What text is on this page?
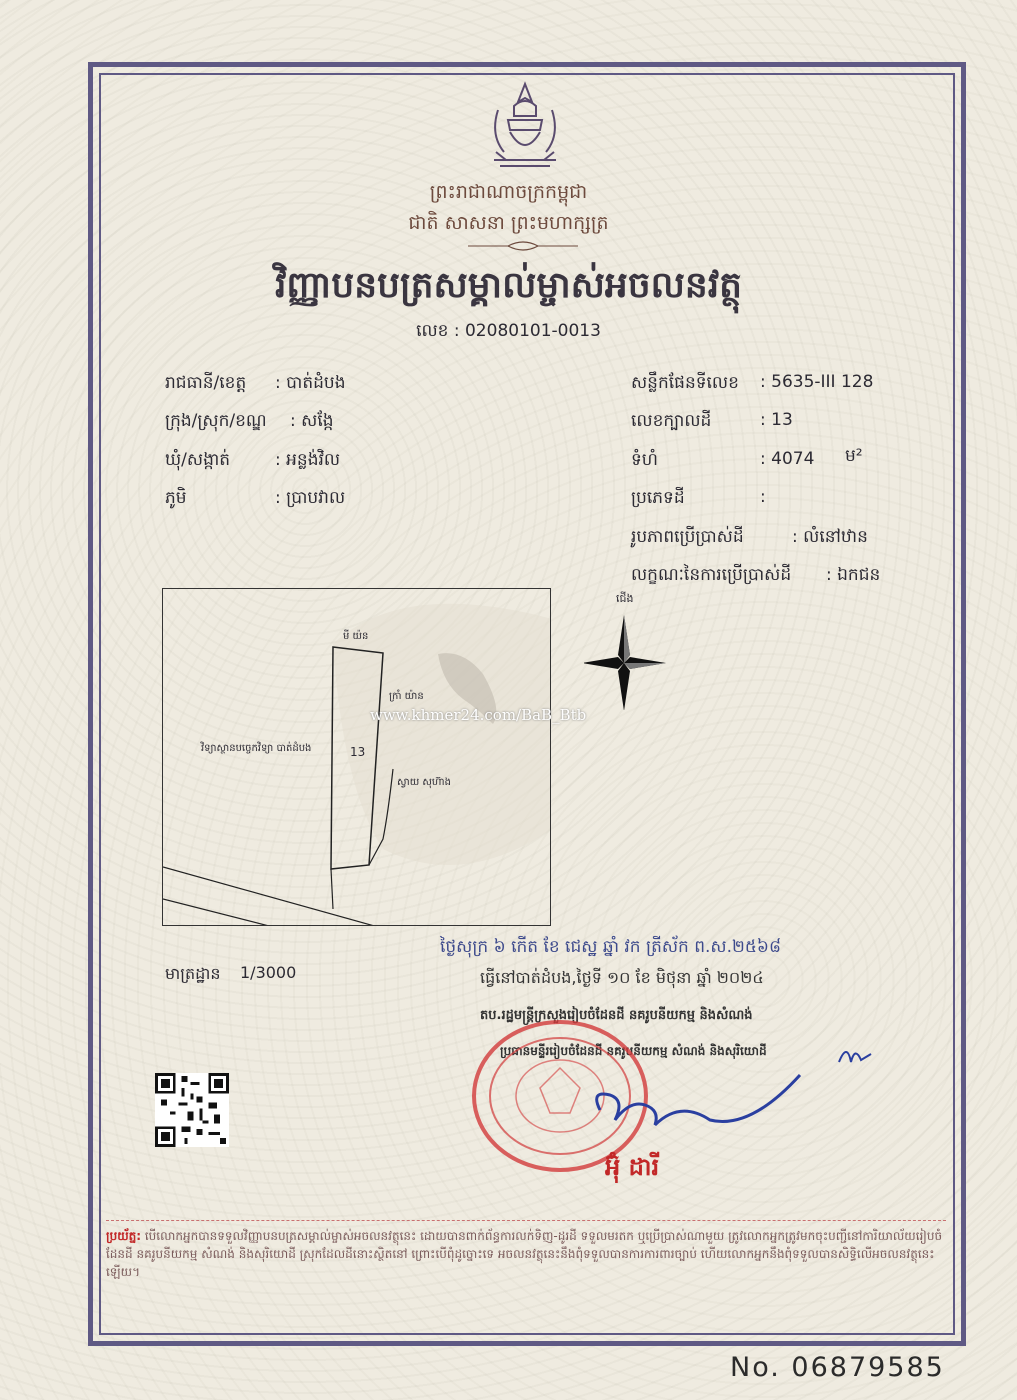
ព្រះរាជាណាចក្រកម្ពុជា
ជាតិ សាសនា ព្រះមហាក្សត្រ
វិញ្ញាបនបត្រសម្គាល់ម្ចាស់អចលនវត្ថុ
លេខ : 02080101-0013
រាជធានី/ខេត្ត : បាត់ដំបង
ក្រុង/ស្រុក/ខណ្ឌ : សង្កែ
ឃុំ/សង្កាត់	: អន្លង់វិល
ភូមិ	: ប្រាបវាល
សន្លឹកផែនទីលេខ : 5635-III 128
លេខក្បាលដី	: 13
ទំហំ	: 4074 ម²
ប្រភេទដី	:
រូបភាពប្រើប្រាស់ដី	: លំនៅឋាន
លក្ខណៈនៃការប្រើប្រាស់ដី : ឯកជន
មី យ៉ន
ក្រាំ យ៉ាន
វិទ្យាស្ថានបច្ចេកវិទ្យា បាត់ដំបង
ស្វាយ សុហ៊ាង
13
www.khmer24.com/BaB_Btb
ជើង
មាត្រដ្ឋាន 1/3000
ថ្ងៃសុក្រ ៦ កើត ខែ ជេស្ឋ ឆ្នាំ វក ត្រីស័ក ព.ស.២៥៦៨
ធ្វើនៅបាត់ដំបង,ថ្ងៃទី ១០ ខែ មិថុនា ឆ្នាំ ២០២៤
តប.រដ្ឋមន្ត្រីក្រសួងរៀបចំដែនដី នគរូបនីយកម្ម និងសំណង់
ប្រធានមន្ទីររៀបចំដែនដី នគរូបនីយកម្ម សំណង់ និងសុរិយោដី
អ៊ុំ ដារី
ប្រយ័ត្ន: បើលោកអ្នកបានទទួលវិញ្ញាបនបត្រសម្គាល់ម្ចាស់អចលនវត្ថុនេះ ដោយបានពាក់ព័ន្ធការលក់ទិញ-ដូរដី ទទួលមរតក ឬប្រើប្រាស់ណាមួយ ត្រូវលោកអ្នកត្រូវមកចុះបញ្ជីនៅការិយាល័យរៀបចំដែនដី នគរូបនីយកម្ម សំណង់ និងសុរិយោដី ស្រុកដែលដីនោះស្ថិតនៅ ព្រោះបើពុំដូច្នោះទេ អចលនវត្ថុនេះនឹងពុំទទួលបានការការពារច្បាប់ ហើយលោកអ្នកនឹងពុំទទួលបានសិទ្ធិលើអចលនវត្ថុនេះឡើយ។
No. 06879585
